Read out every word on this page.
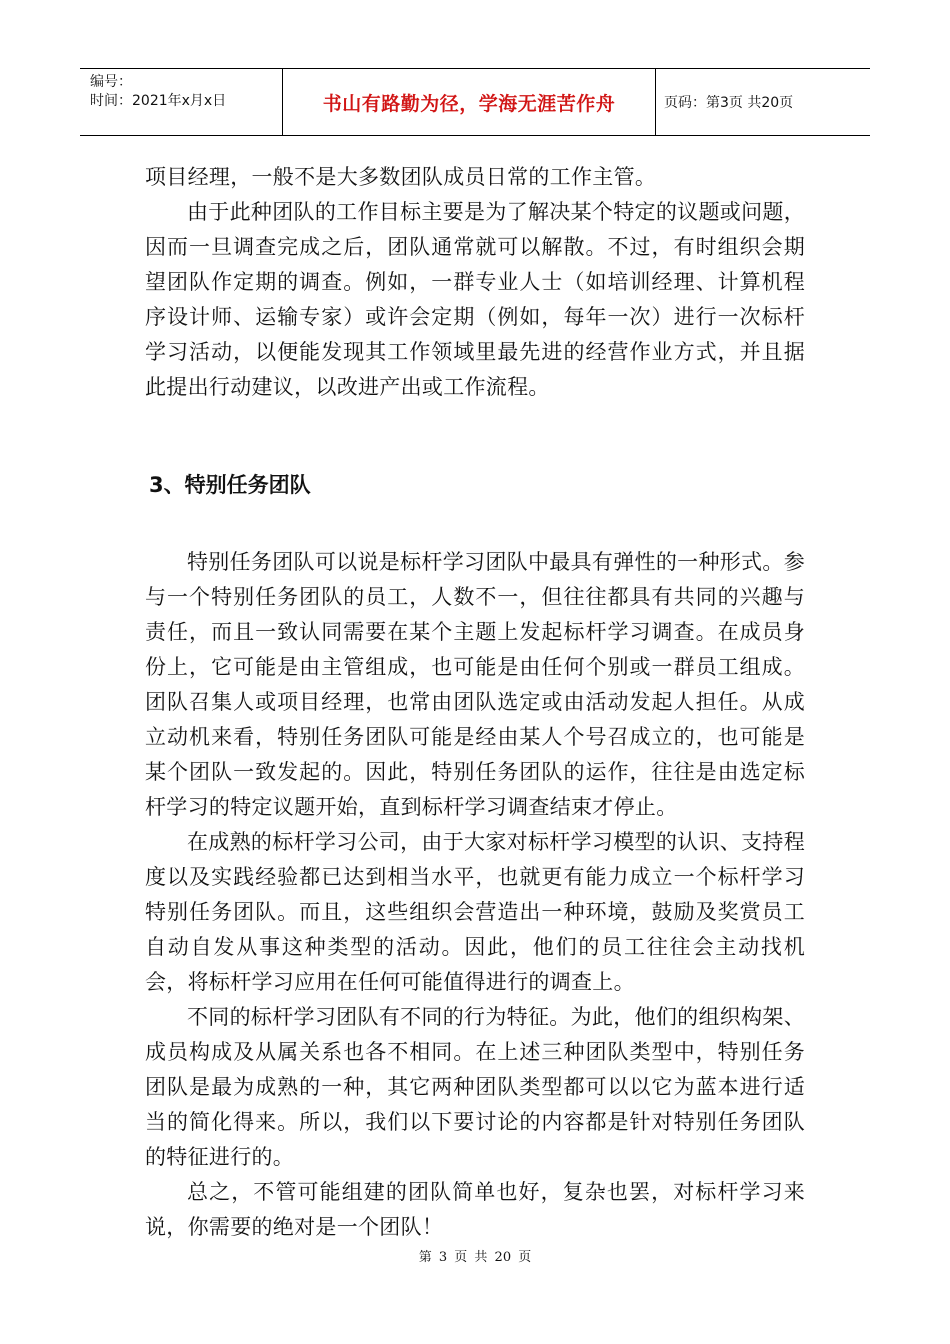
编号：
时间：2021年x月x日	书山有路勤为径，学海无涯苦作舟	页码：第3页 共20页

项目经理，一般不是大多数团队成员日常的工作主管。

由于此种团队的工作目标主要是为了解决某个特定的议题或问题，因而一旦调查完成之后，团队通常就可以解散。不过，有时组织会期望团队作定期的调查。例如，一群专业人士（如培训经理、计算机程序设计师、运输专家）或许会定期（例如，每年一次）进行一次标杆学习活动，以便能发现其工作领域里最先进的经营作业方式，并且据此提出行动建议，以改进产出或工作流程。

3、特别任务团队

特别任务团队可以说是标杆学习团队中最具有弹性的一种形式。参与一个特别任务团队的员工，人数不一，但往往都具有共同的兴趣与责任，而且一致认同需要在某个主题上发起标杆学习调查。在成员身份上，它可能是由主管组成，也可能是由任何个别或一群员工组成。团队召集人或项目经理，也常由团队选定或由活动发起人担任。从成立动机来看，特别任务团队可能是经由某人个号召成立的，也可能是某个团队一致发起的。因此，特别任务团队的运作，往往是由选定标杆学习的特定议题开始，直到标杆学习调查结束才停止。

在成熟的标杆学习公司，由于大家对标杆学习模型的认识、支持程度以及实践经验都已达到相当水平，也就更有能力成立一个标杆学习特别任务团队。而且，这些组织会营造出一种环境，鼓励及奖赏员工自动自发从事这种类型的活动。因此，他们的员工往往会主动找机会，将标杆学习应用在任何可能值得进行的调查上。

不同的标杆学习团队有不同的行为特征。为此，他们的组织构架、成员构成及从属关系也各不相同。在上述三种团队类型中，特别任务团队是最为成熟的一种，其它两种团队类型都可以以它为蓝本进行适当的简化得来。所以，我们以下要讨论的内容都是针对特别任务团队的特征进行的。

总之，不管可能组建的团队简单也好，复杂也罢，对标杆学习来说，你需要的绝对是一个团队！

第 3 页 共 20 页
